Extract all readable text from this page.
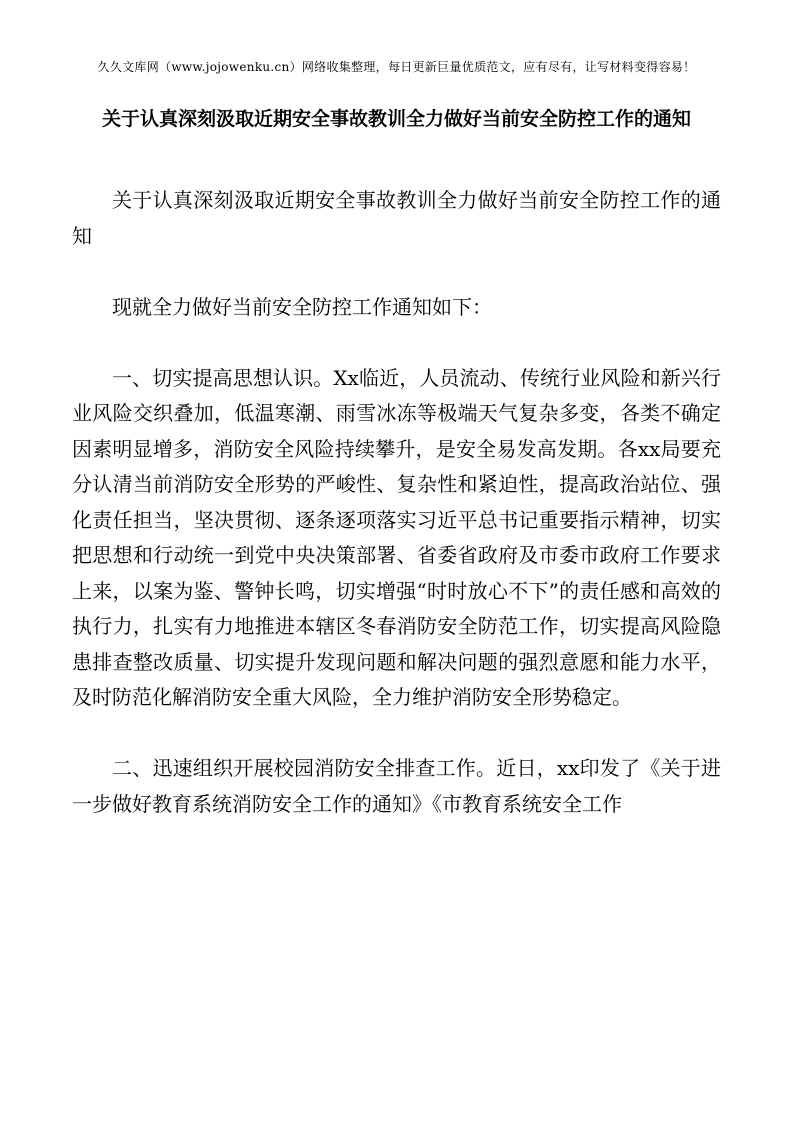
久久文库网（www.jojowenku.cn）网络收集整理，每日更新巨量优质范文，应有尽有，让写材料变得容易！
关于认真深刻汲取近期安全事故教训全力做好当前安全防控工作的通知

关于认真深刻汲取近期安全事故教训全力做好当前安全防控工作的通知

现就全力做好当前安全防控工作通知如下：

一、切实提高思想认识。Xx临近，人员流动、传统行业风险和新兴行业风险交织叠加，低温寒潮、雨雪冰冻等极端天气复杂多变，各类不确定因素明显增多，消防安全风险持续攀升，是安全易发高发期。各xx局要充分认清当前消防安全形势的严峻性、复杂性和紧迫性，提高政治站位、强化责任担当，坚决贯彻、逐条逐项落实习近平总书记重要指示精神，切实把思想和行动统一到党中央决策部署、省委省政府及市委市政府工作要求上来，以案为鉴、警钟长鸣，切实增强“时时放心不下”的责任感和高效的执行力，扎实有力地推进本辖区冬春消防安全防范工作，切实提高风险隐患排查整改质量、切实提升发现问题和解决问题的强烈意愿和能力水平，及时防范化解消防安全重大风险，全力维护消防安全形势稳定。

二、迅速组织开展校园消防安全排查工作。近日，xx印发了《关于进一步做好教育系统消防安全工作的通知》《市教育系统安全工作
